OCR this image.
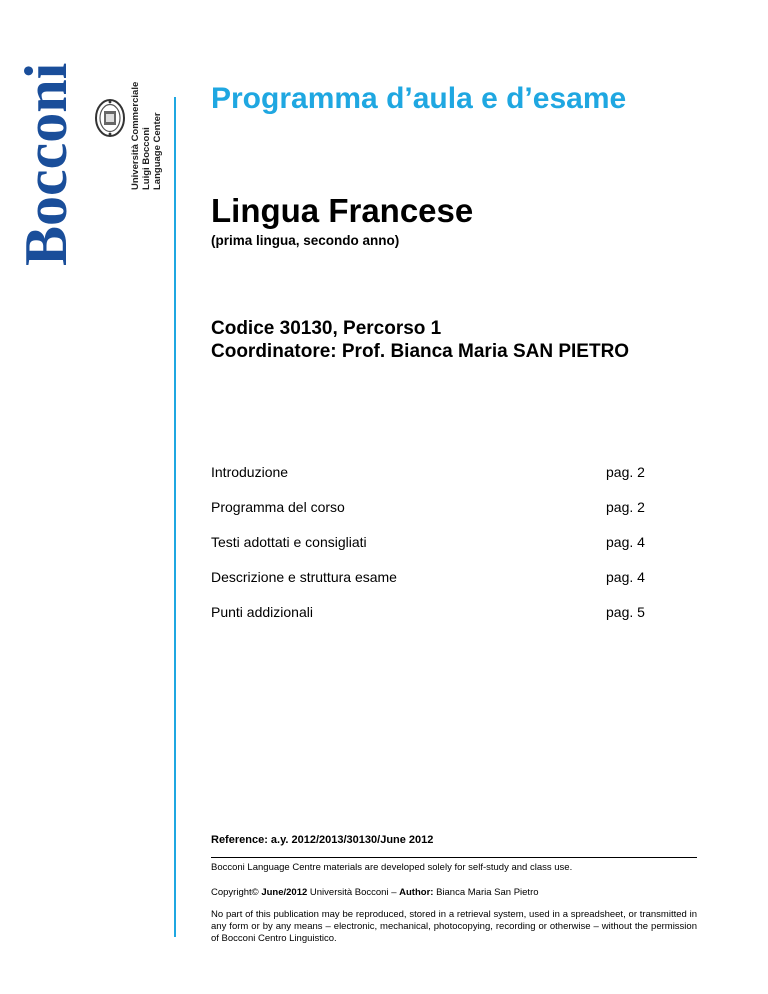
Bocconi	Università Commerciale Luigi Bocconi Language Center
Programma d’aula e d’esame
Lingua Francese
(prima lingua, secondo anno)
Codice 30130, Percorso 1
Coordinatore: Prof. Bianca Maria SAN PIETRO
Introduzione	pag. 2
Programma del corso	pag. 2
Testi adottati e consigliati	pag. 4
Descrizione e struttura esame	pag. 4
Punti addizionali	pag. 5
Reference: a.y. 2012/2013/30130/June 2012
Bocconi Language Centre materials are developed solely for self-study and class use.
Copyright© June/2012 Università Bocconi – Author: Bianca Maria San Pietro
No part of this publication may be reproduced, stored in a retrieval system, used in a spreadsheet, or transmitted in any form or by any means – electronic, mechanical, photocopying, recording or otherwise – without the permission of Bocconi Centro Linguistico.
